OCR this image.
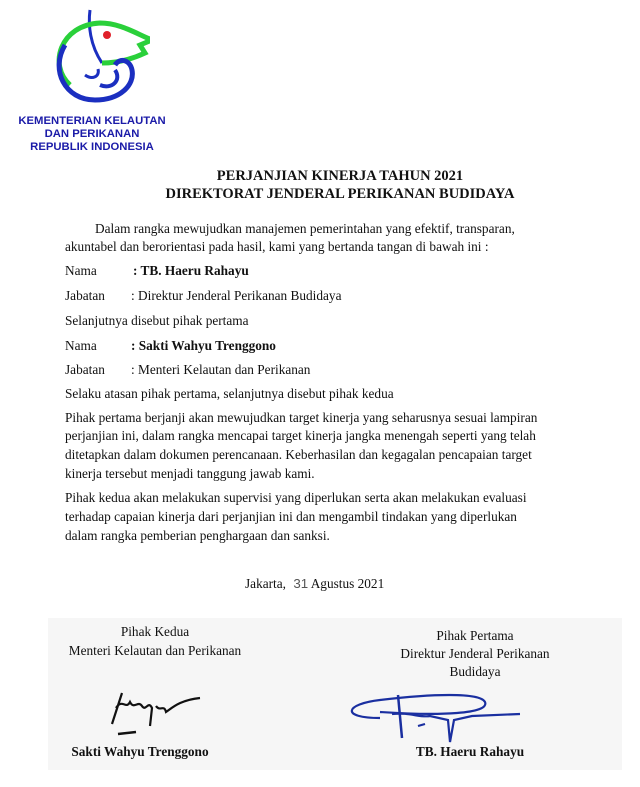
KEMENTERIAN KELAUTAN
DAN PERIKANAN
REPUBLIK INDONESIA
PERJANJIAN KINERJA TAHUN 2021
DIREKTORAT JENDERAL PERIKANAN BUDIDAYA
Dalam rangka mewujudkan manajemen pemerintahan yang efektif, transparan,
akuntabel dan berorientasi pada hasil, kami yang bertanda tangan di bawah ini :
Nama	: TB. Haeru Rahayu
Jabatan : Direktur Jenderal Perikanan Budidaya
Selanjutnya disebut pihak pertama
Nama	: Sakti Wahyu Trenggono
Jabatan : Menteri Kelautan dan Perikanan
Selaku atasan pihak pertama, selanjutnya disebut pihak kedua
Pihak pertama berjanji akan mewujudkan target kinerja yang seharusnya sesuai lampiran
perjanjian ini, dalam rangka mencapai target kinerja jangka menengah seperti yang telah
ditetapkan dalam dokumen perencanaan. Keberhasilan dan kegagalan pencapaian target
kinerja tersebut menjadi tanggung jawab kami.
Pihak kedua akan melakukan supervisi yang diperlukan serta akan melakukan evaluasi
terhadap capaian kinerja dari perjanjian ini dan mengambil tindakan yang diperlukan
dalam rangka pemberian penghargaan dan sanksi.
Jakarta, 31 Agustus 2021
Pihak Kedua
Menteri Kelautan dan Perikanan
Sakti Wahyu Trenggono
Pihak Pertama
Direktur Jenderal Perikanan
Budidaya
TB. Haeru Rahayu
